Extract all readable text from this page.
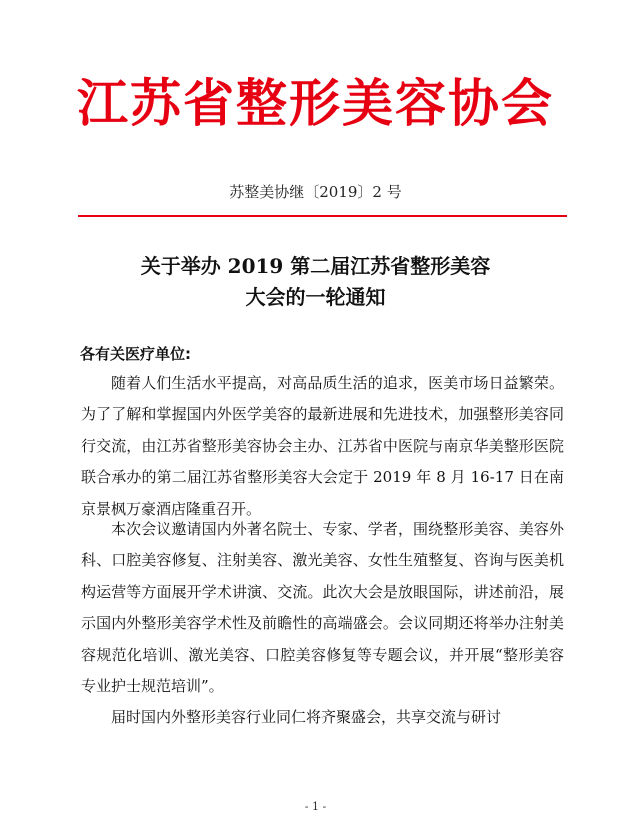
江苏省整形美容协会
苏整美协继〔2019〕2 号
关于举办 2019 第二届江苏省整形美容
大会的一轮通知
各有关医疗单位:

随着人们生活水平提高，对高品质生活的追求，医美市场日益繁荣。为了了解和掌握国内外医学美容的最新进展和先进技术，加强整形美容同行交流，由江苏省整形美容协会主办、江苏省中医院与南京华美整形医院联合承办的第二届江苏省整形美容大会定于 2019 年 8 月 16-17 日在南京景枫万豪酒店隆重召开。

本次会议邀请国内外著名院士、专家、学者，围绕整形美容、美容外科、口腔美容修复、注射美容、激光美容、女性生殖整复、咨询与医美机构运营等方面展开学术讲演、交流。此次大会是放眼国际，讲述前沿，展示国内外整形美容学术性及前瞻性的高端盛会。会议同期还将举办注射美容规范化培训、激光美容、口腔美容修复等专题会议，并开展“整形美容专业护士规范培训”。

届时国内外整形美容行业同仁将齐聚盛会，共享交流与研讨

- 1 -
